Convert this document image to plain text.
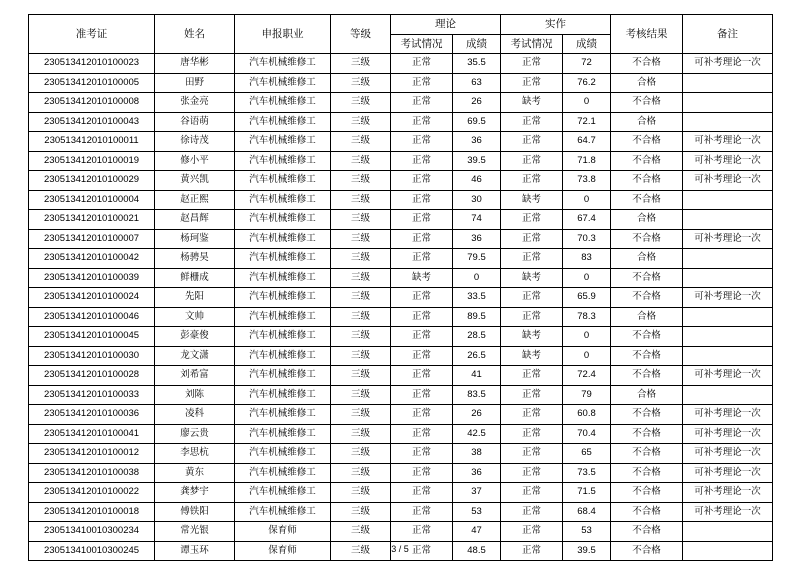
准考证	姓名	申报职业	等级	理论		实作		考核结果	备注
				考试情况	成绩	考试情况	成绩		
230513412010100023	唐华彬	汽车机械维修工	三级	正常	35.5	正常	72	不合格	可补考理论一次
230513412010100005	田野	汽车机械维修工	三级	正常	63	正常	76.2	合格	
230513412010100008	张金亮	汽车机械维修工	三级	正常	26	缺考	0	不合格	
230513412010100043	谷语萌	汽车机械维修工	三级	正常	69.5	正常	72.1	合格	
230513412010100011	徐诗茂	汽车机械维修工	三级	正常	36	正常	64.7	不合格	可补考理论一次
230513412010100019	修小平	汽车机械维修工	三级	正常	39.5	正常	71.8	不合格	可补考理论一次
230513412010100029	黄兴凯	汽车机械维修工	三级	正常	46	正常	73.8	不合格	可补考理论一次
230513412010100004	赵正熙	汽车机械维修工	三级	正常	30	缺考	0	不合格	
230513412010100021	赵昌辉	汽车机械维修工	三级	正常	74	正常	67.4	合格	
230513412010100007	杨珂鉴	汽车机械维修工	三级	正常	36	正常	70.3	不合格	可补考理论一次
230513412010100042	杨骋昊	汽车机械维修工	三级	正常	79.5	正常	83	合格	
230513412010100039	鲜栅成	汽车机械维修工	三级	缺考	0	缺考	0	不合格	
230513412010100024	先阳	汽车机械维修工	三级	正常	33.5	正常	65.9	不合格	可补考理论一次
230513412010100046	文帅	汽车机械维修工	三级	正常	89.5	正常	78.3	合格	
230513412010100045	彭豪俊	汽车机械维修工	三级	正常	28.5	缺考	0	不合格	
230513412010100030	龙文潇	汽车机械维修工	三级	正常	26.5	缺考	0	不合格	
230513412010100028	刘希富	汽车机械维修工	三级	正常	41	正常	72.4	不合格	可补考理论一次
230513412010100033	刘陈	汽车机械维修工	三级	正常	83.5	正常	79	合格	
230513412010100036	凌科	汽车机械维修工	三级	正常	26	正常	60.8	不合格	可补考理论一次
230513412010100041	廖云贵	汽车机械维修工	三级	正常	42.5	正常	70.4	不合格	可补考理论一次
230513412010100012	李思杭	汽车机械维修工	三级	正常	38	正常	65	不合格	可补考理论一次
230513412010100038	黄东	汽车机械维修工	三级	正常	36	正常	73.5	不合格	可补考理论一次
230513412010100022	龚梦宇	汽车机械维修工	三级	正常	37	正常	71.5	不合格	可补考理论一次
230513412010100018	傅铁阳	汽车机械维修工	三级	正常	53	正常	68.4	不合格	可补考理论一次
230513410010300234	常光银	保育师	三级	正常	47	正常	53	不合格	
230513410010300245	谭玉环	保育师	三级	正常	48.5	正常	39.5	不合格	
3 / 5
